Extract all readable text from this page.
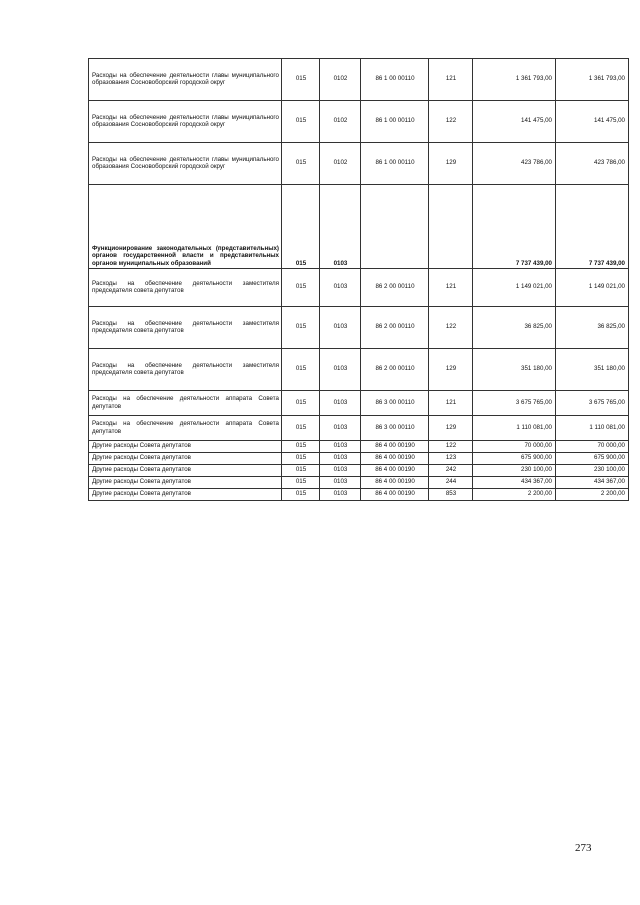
Расходы на обеспечение деятельности главы муниципального образования Сосновоборский городской округ	015	0102	86 1 00 00110	121	1 361 793,00	1 361 793,00
Расходы на обеспечение деятельности главы муниципального образования Сосновоборский городской округ	015	0102	86 1 00 00110	122	141 475,00	141 475,00
Расходы на обеспечение деятельности главы муниципального образования Сосновоборский городской округ	015	0102	86 1 00 00110	129	423 786,00	423 786,00
Функционирование законодательных (представительных) органов государственной власти и представительных органов муниципальных образований	015	0103			7 737 439,00	7 737 439,00
Расходы на обеспечение деятельности заместителя председателя совета депутатов	015	0103	86 2 00 00110	121	1 149 021,00	1 149 021,00
Расходы на обеспечение деятельности заместителя председателя совета депутатов	015	0103	86 2 00 00110	122	36 825,00	36 825,00
Расходы на обеспечение деятельности заместителя председателя совета депутатов	015	0103	86 2 00 00110	129	351 180,00	351 180,00
Расходы на обеспечение деятельности аппарата Совета депутатов	015	0103	86 3 00 00110	121	3 675 765,00	3 675 765,00
Расходы на обеспечение деятельности аппарата Совета депутатов	015	0103	86 3 00 00110	129	1 110 081,00	1 110 081,00
Другие расходы Совета депутатов	015	0103	86 4 00 00190	122	70 000,00	70 000,00
Другие расходы Совета депутатов	015	0103	86 4 00 00190	123	675 900,00	675 900,00
Другие расходы Совета депутатов	015	0103	86 4 00 00190	242	230 100,00	230 100,00
Другие расходы Совета депутатов	015	0103	86 4 00 00190	244	434 367,00	434 367,00
Другие расходы Совета депутатов	015	0103	86 4 00 00190	853	2 200,00	2 200,00
273
